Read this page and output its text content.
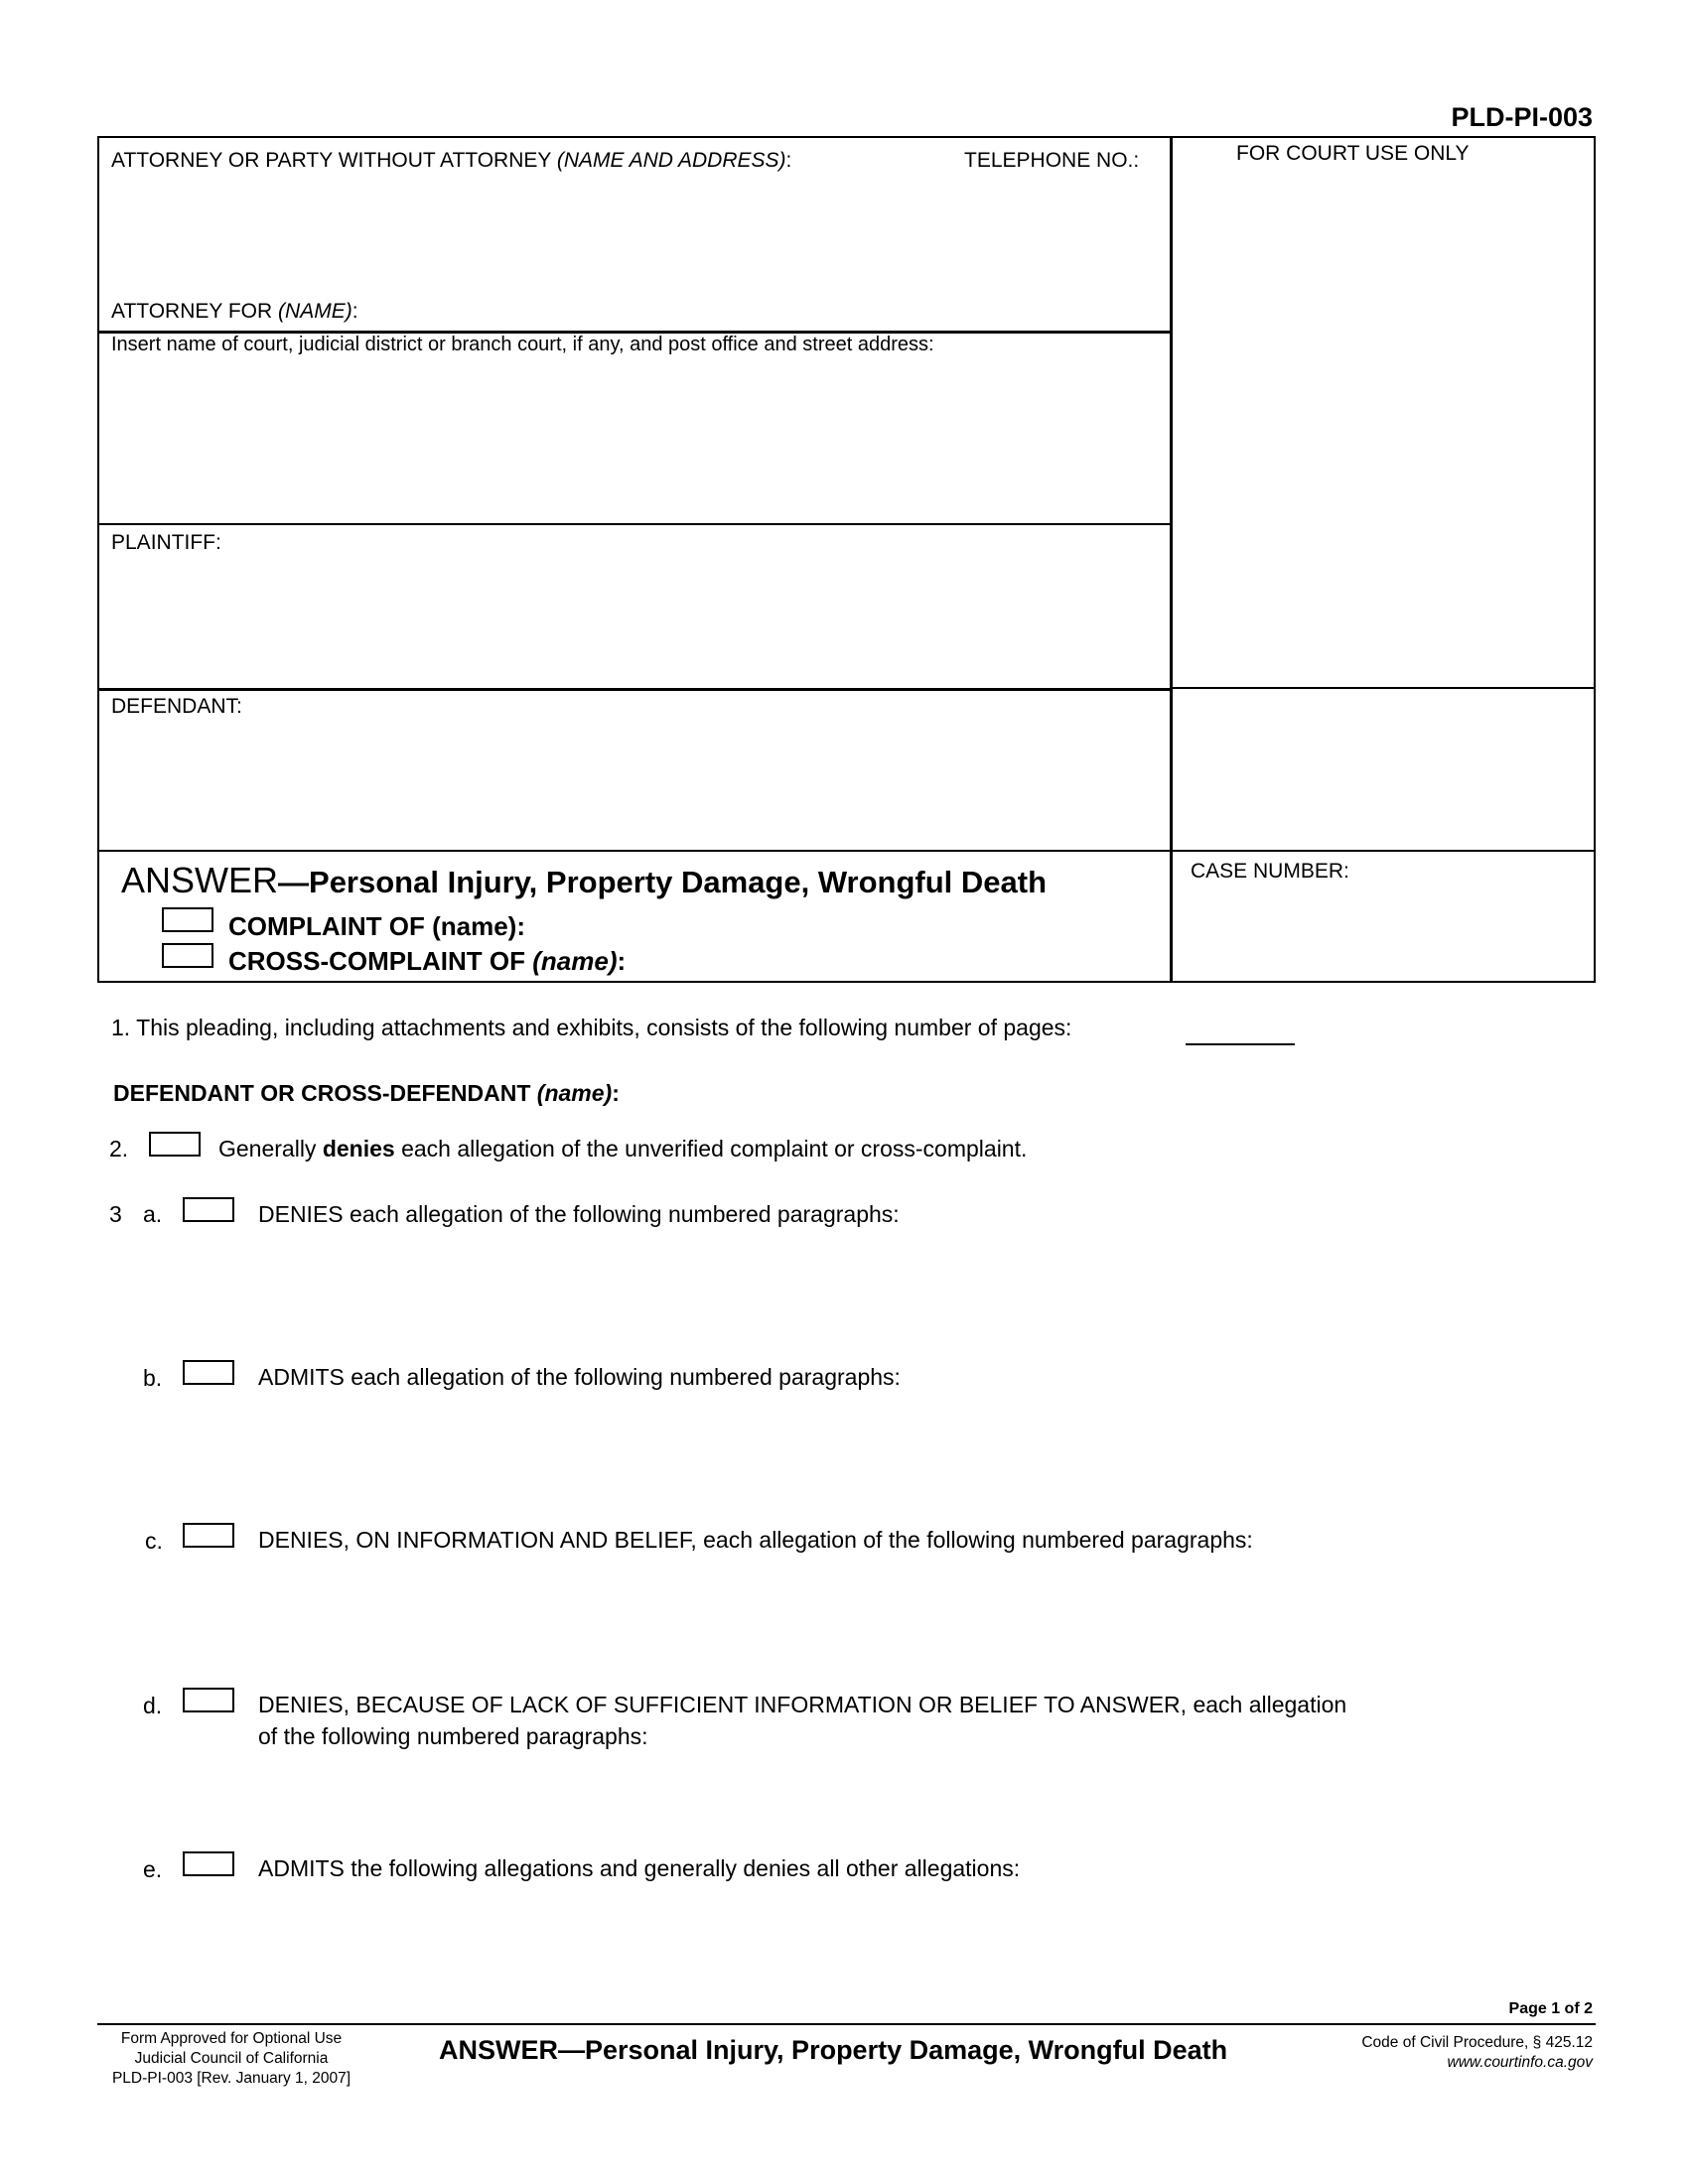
PLD-PI-003
ATTORNEY OR PARTY WITHOUT ATTORNEY (NAME AND ADDRESS):	TELEPHONE NO.:
ATTORNEY FOR (NAME):
Insert name of court, judicial district or branch court, if any, and post office and street address:
PLAINTIFF:
DEFENDANT:
ANSWER—Personal Injury, Property Damage, Wrongful Death
COMPLAINT OF (name):
CROSS-COMPLAINT OF (name):
FOR COURT USE ONLY
CASE NUMBER:
1. This pleading, including attachments and exhibits, consists of the following number of pages:
DEFENDANT OR CROSS-DEFENDANT (name):
2.	Generally denies each allegation of the unverified complaint or cross-complaint.
3 a.	DENIES each allegation of the following numbered paragraphs:
b.	ADMITS each allegation of the following numbered paragraphs:
c.	DENIES, ON INFORMATION AND BELIEF, each allegation of the following numbered paragraphs:
d.	DENIES, BECAUSE OF LACK OF SUFFICIENT INFORMATION OR BELIEF TO ANSWER, each allegation
of the following numbered paragraphs:
e.	ADMITS the following allegations and generally denies all other allegations:
Page 1 of 2
Form Approved for Optional Use
Judicial Council of California
PLD-PI-003 [Rev. January 1, 2007]
ANSWER—Personal Injury, Property Damage, Wrongful Death	Code of Civil Procedure, § 425.12
www.courtinfo.ca.gov
